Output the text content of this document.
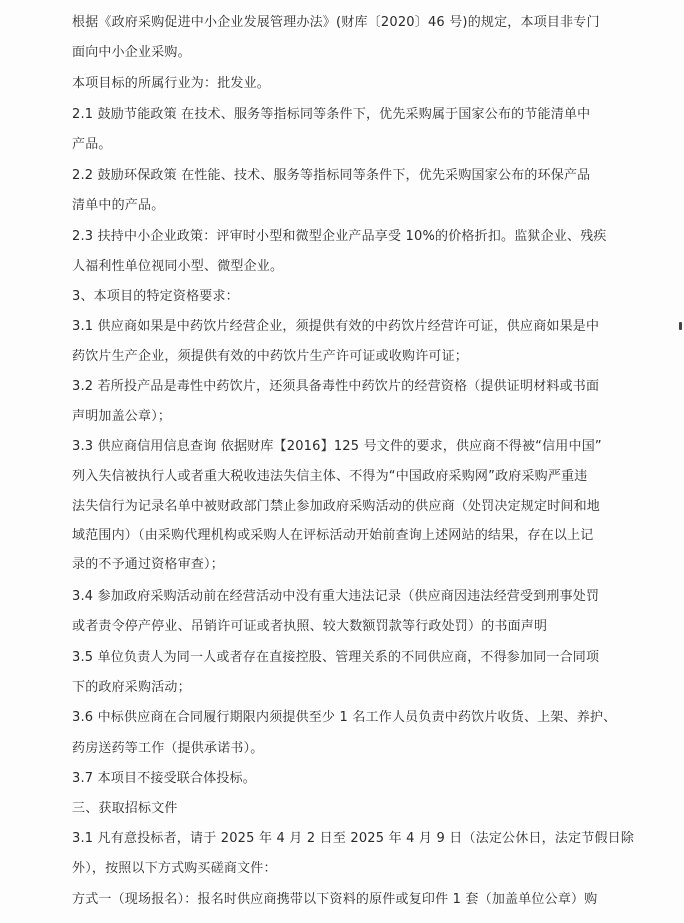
根据《政府采购促进中小企业发展管理办法》(财库〔2020〕46 号)的规定，本项目非专门
面向中小企业采购。
本项目标的所属行业为：批发业。
2.1 鼓励节能政策 在技术、服务等指标同等条件下，优先采购属于国家公布的节能清单中
产品。
2.2 鼓励环保政策 在性能、技术、服务等指标同等条件下，优先采购国家公布的环保产品
清单中的产品。
2.3 扶持中小企业政策：评审时小型和微型企业产品享受 10%的价格折扣。监狱企业、残疾
人福利性单位视同小型、微型企业。
3、本项目的特定资格要求：
3.1 供应商如果是中药饮片经营企业，须提供有效的中药饮片经营许可证，供应商如果是中
药饮片生产企业，须提供有效的中药饮片生产许可证或收购许可证；
3.2 若所投产品是毒性中药饮片，还须具备毒性中药饮片的经营资格（提供证明材料或书面
声明加盖公章）；
3.3 供应商信用信息查询 依据财库【2016】125 号文件的要求，供应商不得被“信用中国”
列入失信被执行人或者重大税收违法失信主体、不得为“中国政府采购网”政府采购严重违
法失信行为记录名单中被财政部门禁止参加政府采购活动的供应商（处罚决定规定时间和地
域范围内）（由采购代理机构或采购人在评标活动开始前查询上述网站的结果，存在以上记
录的不予通过资格审查）；
3.4 参加政府采购活动前在经营活动中没有重大违法记录（供应商因违法经营受到刑事处罚
或者责令停产停业、吊销许可证或者执照、较大数额罚款等行政处罚）的书面声明
3.5 单位负责人为同一人或者存在直接控股、管理关系的不同供应商，不得参加同一合同项
下的政府采购活动；
3.6 中标供应商在合同履行期限内须提供至少 1 名工作人员负责中药饮片收货、上架、养护、
药房送药等工作（提供承诺书）。
3.7 本项目不接受联合体投标。
三、获取招标文件
3.1 凡有意投标者，请于 2025 年 4 月 2 日至 2025 年 4 月 9 日（法定公休日，法定节假日除
外），按照以下方式购买磋商文件：
方式一（现场报名）：报名时供应商携带以下资料的原件或复印件 1 套（加盖单位公章）购
